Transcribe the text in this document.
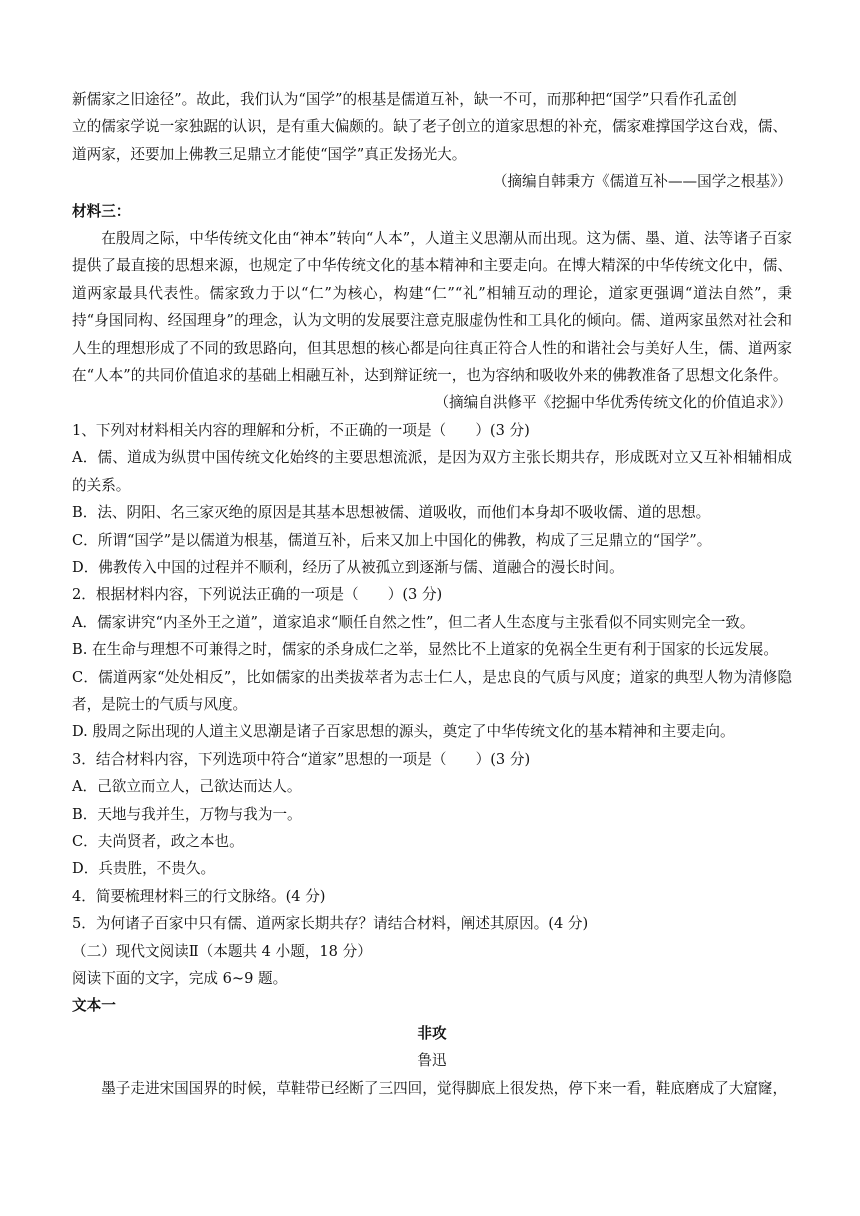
新儒家之旧途径”。故此，我们认为“国学”的根基是儒道互补，缺一不可，而那种把“国学”只看作孔孟创

立的儒家学说一家独踞的认识，是有重大偏颇的。缺了老子创立的道家思想的补充，儒家难撑国学这台戏，儒、

道两家，还要加上佛教三足鼎立才能使“国学”真正发扬光大。

（摘编自韩秉方《儒道互补——国学之根基》）

材料三：

在殷周之际，中华传统文化由“神本”转向“人本”，人道主义思潮从而出现。这为儒、墨、道、法等诸子百家提供了最直接的思想来源，也规定了中华传统文化的基本精神和主要走向。在博大精深的中华传统文化中，儒、道两家最具代表性。儒家致力于以“仁”为核心，构建“仁”“礼”相辅互动的理论，道家更强调“道法自然”，秉持“身国同构、经国理身”的理念，认为文明的发展要注意克服虚伪性和工具化的倾向。儒、道两家虽然对社会和人生的理想形成了不同的致思路向，但其思想的核心都是向往真正符合人性的和谐社会与美好人生，儒、道两家在“人本”的共同价值追求的基础上相融互补，达到辩证统一，也为容纳和吸收外来的佛教准备了思想文化条件。

（摘编自洪修平《挖掘中华优秀传统文化的价值追求》）

1、下列对材料相关内容的理解和分析，不正确的一项是（　　）(3 分)

A．儒、道成为纵贯中国传统文化始终的主要思想流派，是因为双方主张长期共存，形成既对立又互补相辅相成的关系。

B．法、阴阳、名三家灭绝的原因是其基本思想被儒、道吸收，而他们本身却不吸收儒、道的思想。

C．所谓“国学”是以儒道为根基，儒道互补，后来又加上中国化的佛教，构成了三足鼎立的“国学”。

D．佛教传入中国的过程并不顺利，经历了从被孤立到逐渐与儒、道融合的漫长时间。

2．根据材料内容，下列说法正确的一项是（　　）(3 分)

A．儒家讲究“内圣外王之道”，道家追求“顺任自然之性”，但二者人生态度与主张看似不同实则完全一致。

B. 在生命与理想不可兼得之时，儒家的杀身成仁之举，显然比不上道家的免祸全生更有利于国家的长远发展。

C．儒道两家“处处相反”，比如儒家的出类拔萃者为志士仁人，是忠良的气质与风度；道家的典型人物为清修隐者，是院士的气质与风度。

D. 殷周之际出现的人道主义思潮是诸子百家思想的源头，奠定了中华传统文化的基本精神和主要走向。

3．结合材料内容，下列选项中符合“道家”思想的一项是（　　）(3 分)

A．己欲立而立人，己欲达而达人。

B．天地与我并生，万物与我为一。

C．夫尚贤者，政之本也。

D．兵贵胜，不贵久。

4．简要梳理材料三的行文脉络。(4 分)

5．为何诸子百家中只有儒、道两家长期共存？请结合材料，阐述其原因。(4 分)

（二）现代文阅读Ⅱ（本题共 4 小题，18 分）

阅读下面的文字，完成 6~9 题。

文本一

非攻

鲁迅

墨子走进宋国国界的时候，草鞋带已经断了三四回，觉得脚底上很发热，停下来一看，鞋底磨成了大窟窿，
